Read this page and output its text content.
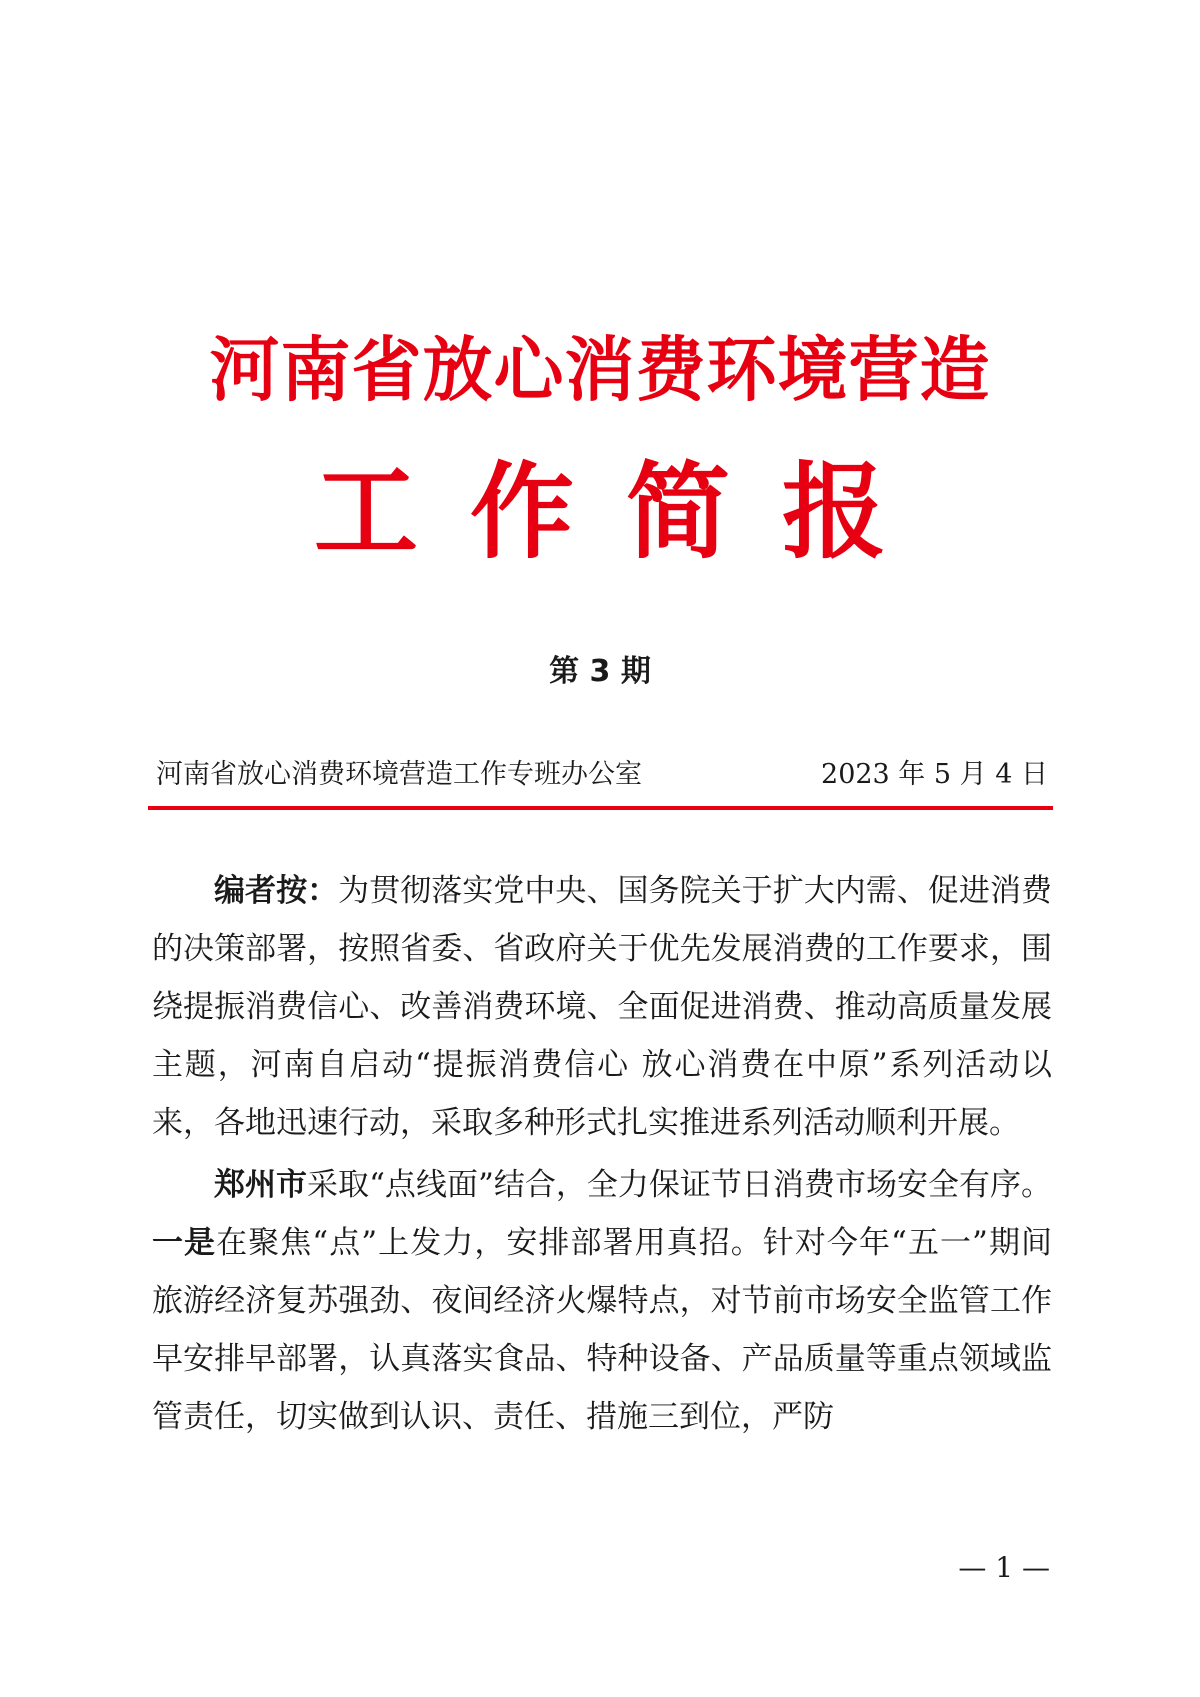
河南省放心消费环境营造
工作简报
第 3 期
河南省放心消费环境营造工作专班办公室	2023 年 5 月 4 日

编者按：为贯彻落实党中央、国务院关于扩大内需、促进消费的决策部署，按照省委、省政府关于优先发展消费的工作要求，围绕提振消费信心、改善消费环境、全面促进消费、推动高质量发展主题，河南自启动“提振消费信心 放心消费在中原”系列活动以来，各地迅速行动，采取多种形式扎实推进系列活动顺利开展。

郑州市采取“点线面”结合，全力保证节日消费市场安全有序。一是在聚焦“点”上发力，安排部署用真招。针对今年“五一”期间旅游经济复苏强劲、夜间经济火爆特点，对节前市场安全监管工作早安排早部署，认真落实食品、特种设备、产品质量等重点领域监管责任，切实做到认识、责任、措施三到位，严防

— 1 —
